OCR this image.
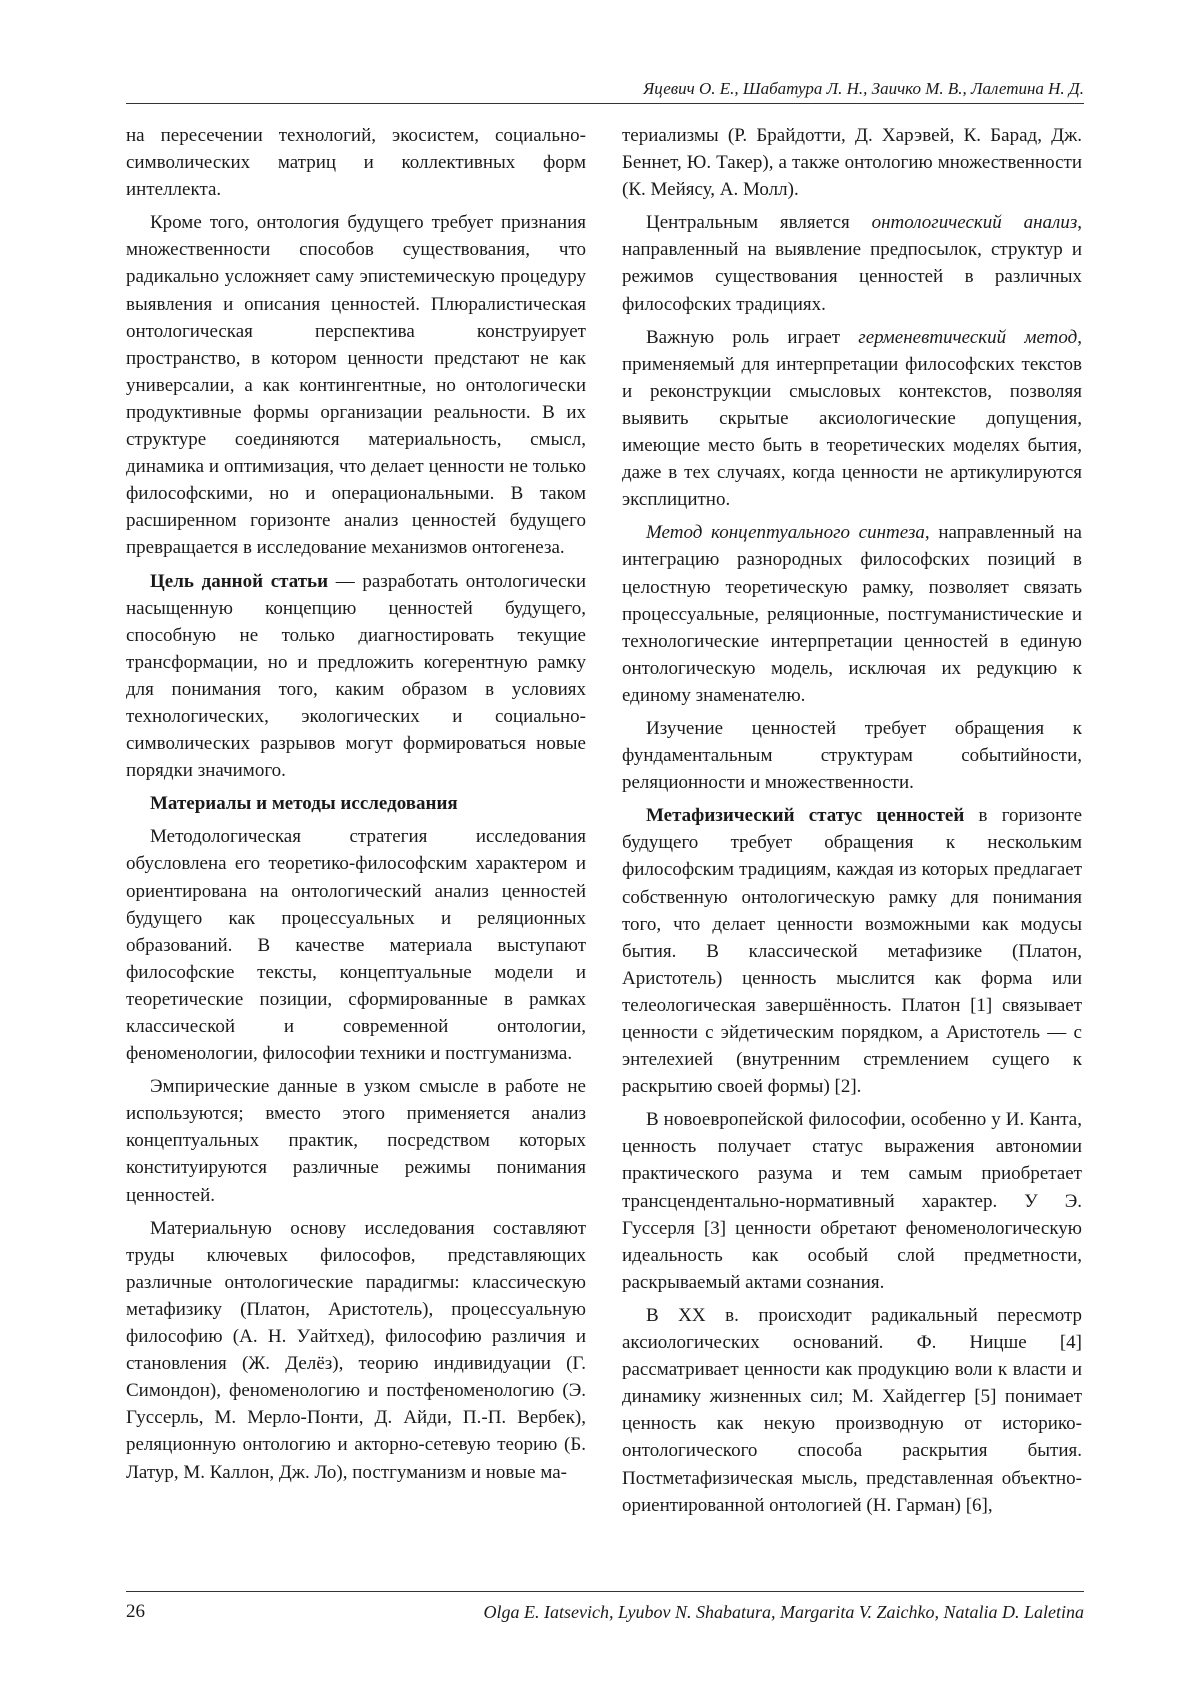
Яцевич О. Е., Шабатура Л. Н., Заичко М. В., Лалетина Н. Д.

на пересечении технологий, экосистем, социально-символических матриц и коллективных форм интеллекта.

Кроме того, онтология будущего требует признания множественности способов существования, что радикально усложняет саму эпистемическую процедуру выявления и описания ценностей. Плюралистическая онтологическая перспектива конструирует пространство, в котором ценности предстают не как универсалии, а как контингентные, но онтологически продуктивные формы организации реальности. В их структуре соединяются материальность, смысл, динамика и оптимизация, что делает ценности не только философскими, но и операциональными. В таком расширенном горизонте анализ ценностей будущего превращается в исследование механизмов онтогенеза.

Цель данной статьи — разработать онтологически насыщенную концепцию ценностей будущего, способную не только диагностировать текущие трансформации, но и предложить когерентную рамку для понимания того, каким образом в условиях технологических, экологических и социально-символических разрывов могут формироваться новые порядки значимого.

Материалы и методы исследования

Методологическая стратегия исследования обусловлена его теоретико-философским характером и ориентирована на онтологический анализ ценностей будущего как процессуальных и реляционных образований. В качестве материала выступают философские тексты, концептуальные модели и теоретические позиции, сформированные в рамках классической и современной онтологии, феноменологии, философии техники и постгуманизма.

Эмпирические данные в узком смысле в работе не используются; вместо этого применяется анализ концептуальных практик, посредством которых конституируются различные режимы понимания ценностей.

Материальную основу исследования составляют труды ключевых философов, представляющих различные онтологические парадигмы: классическую метафизику (Платон, Аристотель), процессуальную философию (А. Н. Уайтхед), философию различия и становления (Ж. Делёз), теорию индивидуации (Г. Симондон), феноменологию и постфеноменологию (Э. Гуссерль, М. Мерло-Понти, Д. Айди, П.-П. Вербек), реляционную онтологию и акторно-сетевую теорию (Б. Латур, М. Каллон, Дж. Ло), постгуманизм и новые ма-

териализмы (Р. Брайдотти, Д. Харэвей, К. Барад, Дж. Беннет, Ю. Такер), а также онтологию множественности (К. Мейясу, А. Молл).

Центральным является онтологический анализ, направленный на выявление предпосылок, структур и режимов существования ценностей в различных философских традициях.

Важную роль играет герменевтический метод, применяемый для интерпретации философских текстов и реконструкции смысловых контекстов, позволяя выявить скрытые аксиологические допущения, имеющие место быть в теоретических моделях бытия, даже в тех случаях, когда ценности не артикулируются эксплицитно.

Метод концептуального синтеза, направленный на интеграцию разнородных философских позиций в целостную теоретическую рамку, позволяет связать процессуальные, реляционные, постгуманистические и технологические интерпретации ценностей в единую онтологическую модель, исключая их редукцию к единому знаменателю.

Изучение ценностей требует обращения к фундаментальным структурам событийности, реляционности и множественности.

Метафизический статус ценностей в горизонте будущего требует обращения к нескольким философским традициям, каждая из которых предлагает собственную онтологическую рамку для понимания того, что делает ценности возможными как модусы бытия. В классической метафизике (Платон, Аристотель) ценность мыслится как форма или телеологическая завершённость. Платон [1] связывает ценности с эйдетическим порядком, а Аристотель — с энтелехией (внутренним стремлением сущего к раскрытию своей формы) [2].

В новоевропейской философии, особенно у И. Канта, ценность получает статус выражения автономии практического разума и тем самым приобретает трансцендентально-нормативный характер. У Э. Гуссерля [3] ценности обретают феноменологическую идеальность как особый слой предметности, раскрываемый актами сознания.

В XX в. происходит радикальный пересмотр аксиологических оснований. Ф. Ницше [4] рассматривает ценности как продукцию воли к власти и динамику жизненных сил; М. Хайдеггер [5] понимает ценность как некую производную от историко-онтологического способа раскрытия бытия. Постметафизическая мысль, представленная объектно-ориентированной онтологией (Н. Гарман) [6],

26	Olga E. Iatsevich, Lyubov N. Shabatura, Margarita V. Zaichko, Natalia D. Laletina
